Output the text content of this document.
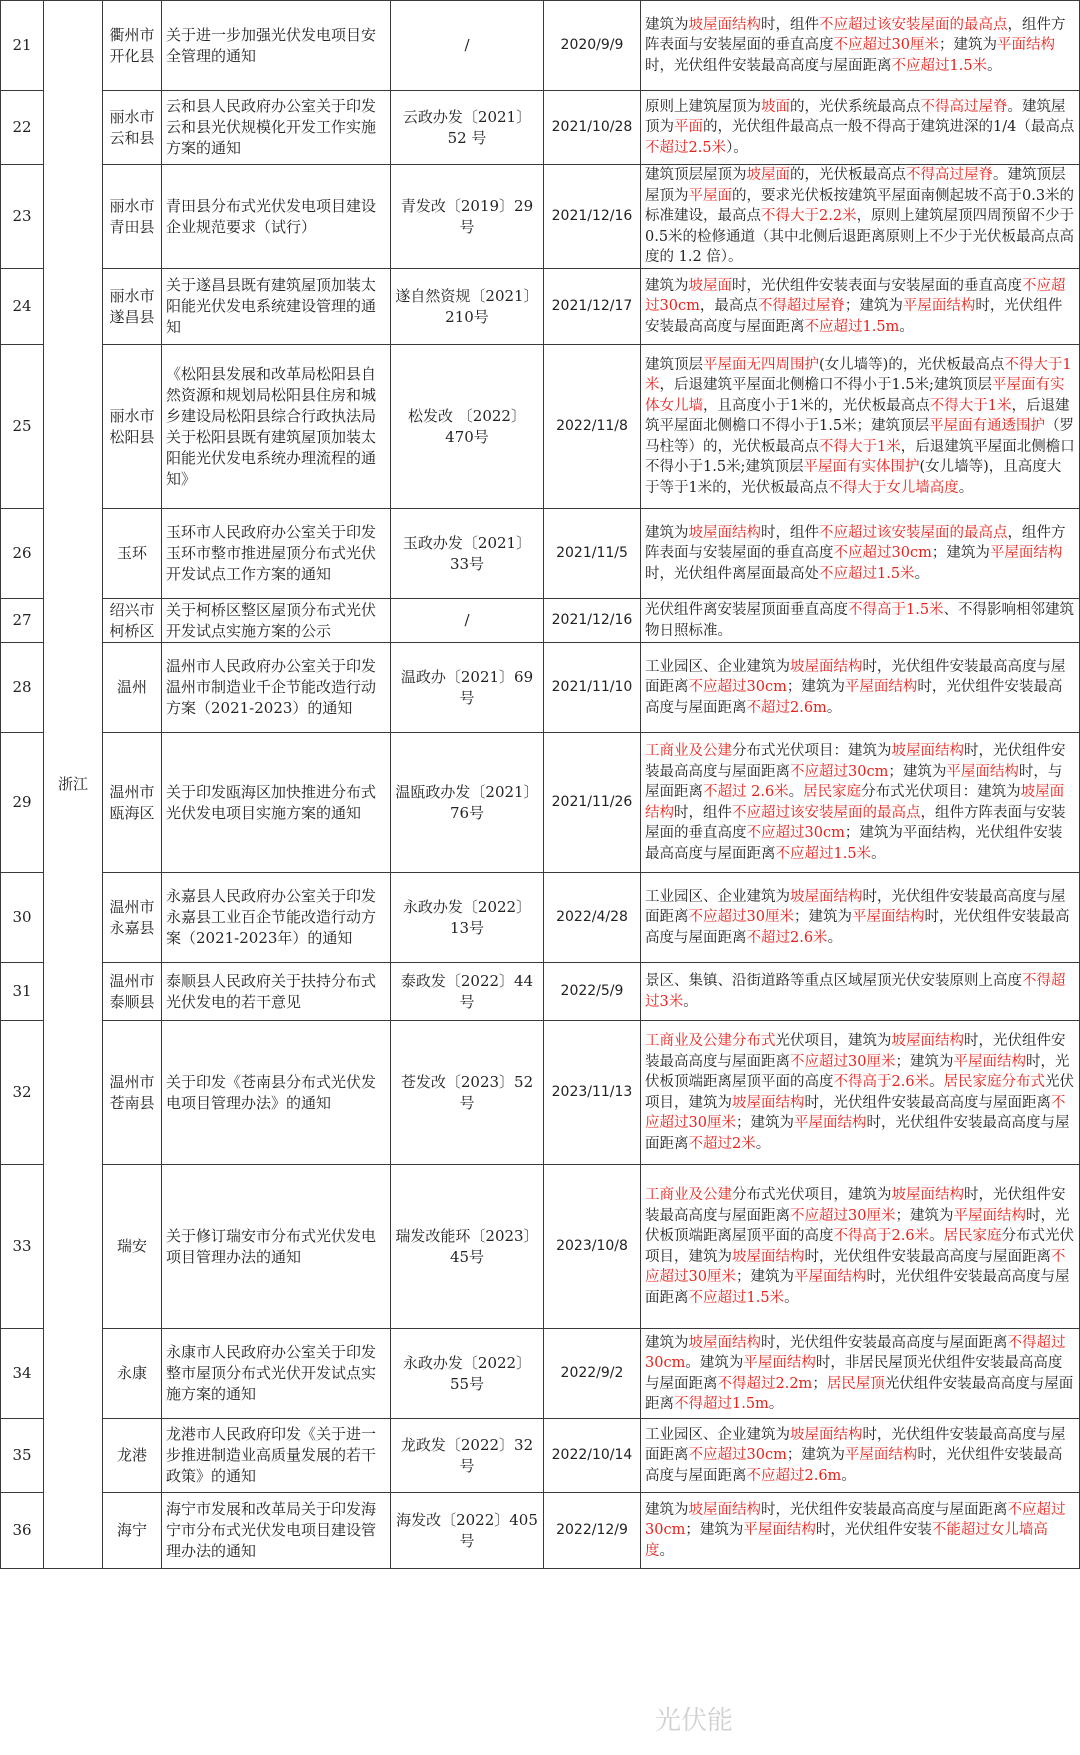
21	浙江	衢州市开化县	关于进一步加强光伏发电项目安全管理的通知	/	2020/9/9	建筑为坡屋面结构时，组件不应超过该安装屋面的最高点，组件方阵表面与安装屋面的垂直高度不应超过30厘米；建筑为平面结构时，光伏组件安装最高高度与屋面距离不应超过1.5米。
22		丽水市云和县	云和县人民政府办公室关于印发云和县光伏规模化开发工作实施方案的通知	云政办发〔2021〕52 号	2021/10/28	原则上建筑屋顶为坡面的，光伏系统最高点不得高过屋脊。建筑屋顶为平面的，光伏组件最高点一般不得高于建筑进深的1/4（最高点不超过2.5米）。
23		丽水市青田县	青田县分布式光伏发电项目建设企业规范要求（试行）	青发改〔2019〕29 号	2021/12/16	建筑顶层屋顶为坡屋面的，光伏板最高点不得高过屋脊。建筑顶层屋顶为平屋面的，要求光伏板按建筑平屋面南侧起坡不高于0.3米的标准建设，最高点不得大于2.2米，原则上建筑屋顶四周预留不少于0.5米的检修通道（其中北侧后退距离原则上不少于光伏板最高点高度的 1.2 倍）。
24		丽水市遂昌县	关于遂昌县既有建筑屋顶加装太阳能光伏发电系统建设管理的通知	遂自然资规〔2021〕210号	2021/12/17	建筑为坡屋面时，光伏组件安装表面与安装屋面的垂直高度不应超过30cm，最高点不得超过屋脊；建筑为平屋面结构时，光伏组件安装最高高度与屋面距离不应超过1.5m。
25		丽水市松阳县	《松阳县发展和改革局松阳县自然资源和规划局松阳县住房和城乡建设局松阳县综合行政执法局关于松阳县既有建筑屋顶加装太阳能光伏发电系统办理流程的通知》	松发改 〔2022〕 470号	2022/11/8	建筑顶层平屋面无四周围护(女儿墙等)的，光伏板最高点不得大于1米，后退建筑平屋面北侧檐口不得小于1.5米;建筑顶层平屋面有实体女儿墙，且高度小于1米的，光伏板最高点不得大于1米，后退建筑平屋面北侧檐口不得小于1.5米；建筑顶层平屋面有通透围护（罗马柱等）的，光伏板最高点不得大于1米，后退建筑平屋面北侧檐口不得小于1.5米;建筑顶层平屋面有实体围护(女儿墙等)，且高度大于等于1米的，光伏板最高点不得大于女儿墙高度。
26		玉环	玉环市人民政府办公室关于印发玉环市整市推进屋顶分布式光伏开发试点工作方案的通知	玉政办发〔2021〕33号	2021/11/5	建筑为坡屋面结构时，组件不应超过该安装屋面的最高点，组件方阵表面与安装屋面的垂直高度不应超过30cm；建筑为平屋面结构时，光伏组件离屋面最高处不应超过1.5米。
27		绍兴市柯桥区	关于柯桥区整区屋顶分布式光伏开发试点实施方案的公示	/	2021/12/16	光伏组件离安装屋顶面垂直高度不得高于1.5米、不得影响相邻建筑物日照标准。
28		温州	温州市人民政府办公室关于印发温州市制造业千企节能改造行动方案（2021-2023）的通知	温政办〔2021〕69号	2021/11/10	工业园区、企业建筑为坡屋面结构时，光伏组件安装最高高度与屋面距离不应超过30cm；建筑为平屋面结构时，光伏组件安装最高高度与屋面距离不超过2.6m。
29		温州市瓯海区	关于印发瓯海区加快推进分布式光伏发电项目实施方案的通知	温瓯政办发〔2021〕76号	2021/11/26	工商业及公建分布式光伏项目：建筑为坡屋面结构时，光伏组件安装最高高度与屋面距离不应超过30cm；建筑为平屋面结构时，与屋面距离不超过 2.6米。居民家庭分布式光伏项目：建筑为坡屋面结构时，组件不应超过该安装屋面的最高点，组件方阵表面与安装屋面的垂直高度不应超过30cm；建筑为平面结构，光伏组件安装最高高度与屋面距离不应超过1.5米。
30		温州市永嘉县	永嘉县人民政府办公室关于印发永嘉县工业百企节能改造行动方案（2021-2023年）的通知	永政办发〔2022〕13号	2022/4/28	工业园区、企业建筑为坡屋面结构时，光伏组件安装最高高度与屋面距离不应超过30厘米；建筑为平屋面结构时，光伏组件安装最高高度与屋面距离不超过2.6米。
31		温州市泰顺县	泰顺县人民政府关于扶持分布式光伏发电的若干意见	泰政发〔2022〕44号	2022/5/9	景区、集镇、沿街道路等重点区域屋顶光伏安装原则上高度不得超过3米。
32		温州市苍南县	关于印发《苍南县分布式光伏发电项目管理办法》的通知	苍发改〔2023〕52号	2023/11/13	工商业及公建分布式光伏项目，建筑为坡屋面结构时，光伏组件安装最高高度与屋面距离不应超过30厘米；建筑为平屋面结构时，光伏板顶端距离屋顶平面的高度不得高于2.6米。居民家庭分布式光伏项目，建筑为坡屋面结构时，光伏组件安装最高高度与屋面距离不应超过30厘米；建筑为平屋面结构时，光伏组件安装最高高度与屋面距离不超过2米。
33		瑞安	关于修订瑞安市分布式光伏发电项目管理办法的通知	瑞发改能环〔2023〕45号	2023/10/8	工商业及公建分布式光伏项目，建筑为坡屋面结构时，光伏组件安装最高高度与屋面距离不应超过30厘米；建筑为平屋面结构时，光伏板顶端距离屋顶平面的高度不得高于2.6米。居民家庭分布式光伏项目，建筑为坡屋面结构时，光伏组件安装最高高度与屋面距离不应超过30厘米；建筑为平屋面结构时，光伏组件安装最高高度与屋面距离不应超过1.5米。
34		永康	永康市人民政府办公室关于印发整市屋顶分布式光伏开发试点实施方案的通知	永政办发〔2022〕55号	2022/9/2	建筑为坡屋面结构时，光伏组件安装最高高度与屋面距离不得超过30cm。建筑为平屋面结构时，非居民屋顶光伏组件安装最高高度与屋面距离不得超过2.2m；居民屋顶光伏组件安装最高高度与屋面距离不得超过1.5m。
35		龙港	龙港市人民政府印发《关于进一步推进制造业高质量发展的若干政策》的通知	龙政发〔2022〕32号	2022/10/14	工业园区、企业建筑为坡屋面结构时，光伏组件安装最高高度与屋面距离不应超过30cm；建筑为平屋面结构时，光伏组件安装最高高度与屋面距离不应超过2.6m。
36		海宁	海宁市发展和改革局关于印发海宁市分布式光伏发电项目建设管理办法的通知	海发改〔2022〕405号	2022/12/9	建筑为坡屋面结构时，光伏组件安装最高高度与屋面距离不应超过30cm；建筑为平屋面结构时，光伏组件安装不能超过女儿墙高度。
光伏能
